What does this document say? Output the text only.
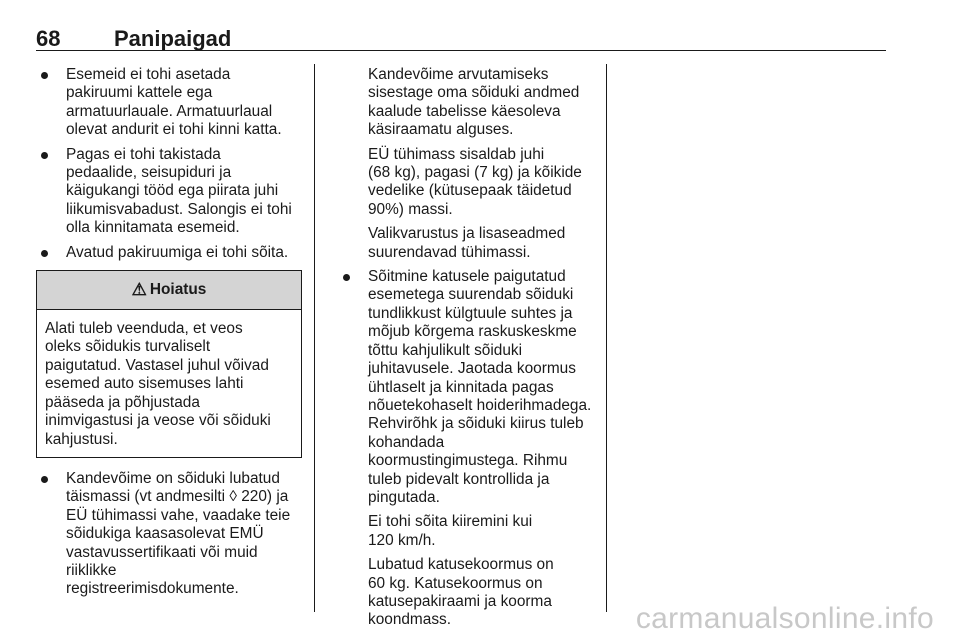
68 Panipaigad
Esemeid ei tohi asetada
pakiruumi kattele ega
armatuurlauale. Armatuurlaual
olevat andurit ei tohi kinni katta.

Pagas ei tohi takistada
pedaalide, seisupiduri ja
käigukangi tööd ega piirata juhi
liikumisvabadust. Salongis ei tohi
olla kinnitamata esemeid.

Avatud pakiruumiga ei tohi sõita.

⚠ Hoiatus
Alati tuleb veenduda, et veos
oleks sõidukis turvaliselt
paigutatud. Vastasel juhul võivad
esemed auto sisemuses lahti
pääseda ja põhjustada
inimvigastusi ja veose või sõiduki
kahjustusi.

Kandevõime on sõiduki lubatud
täismassi (vt andmesilti ◊ 220) ja
EÜ tühimassi vahe, vaadake teie
sõidukiga kaasasolevat EMÜ
vastavussertifikaati või muid
riiklikke
registreerimisdokumente.

Kandevõime arvutamiseks
sisestage oma sõiduki andmed
kaalude tabelisse käesoleva
käsiraamatu alguses.

EÜ tühimass sisaldab juhi
(68 kg), pagasi (7 kg) ja kõikide
vedelike (kütusepaak täidetud
90%) massi.

Valikvarustus ja lisaseadmed
suurendavad tühimassi.

Sõitmine katusele paigutatud
esemetega suurendab sõiduki
tundlikkust külgtuule suhtes ja
mõjub kõrgema raskuskeskme
tõttu kahjulikult sõiduki
juhitavusele. Jaotada koormus
ühtlaselt ja kinnitada pagas
nõuetekohaselt hoiderihmadega.
Rehvirõhk ja sõiduki kiirus tuleb
kohandada
koormustingimustega. Rihmu
tuleb pidevalt kontrollida ja
pingutada.

Ei tohi sõita kiiremini kui
120 km/h.

Lubatud katusekoormus on
60 kg. Katusekoormus on
katusepakiraami ja koorma
koondmass.	carmanualsonline.info
